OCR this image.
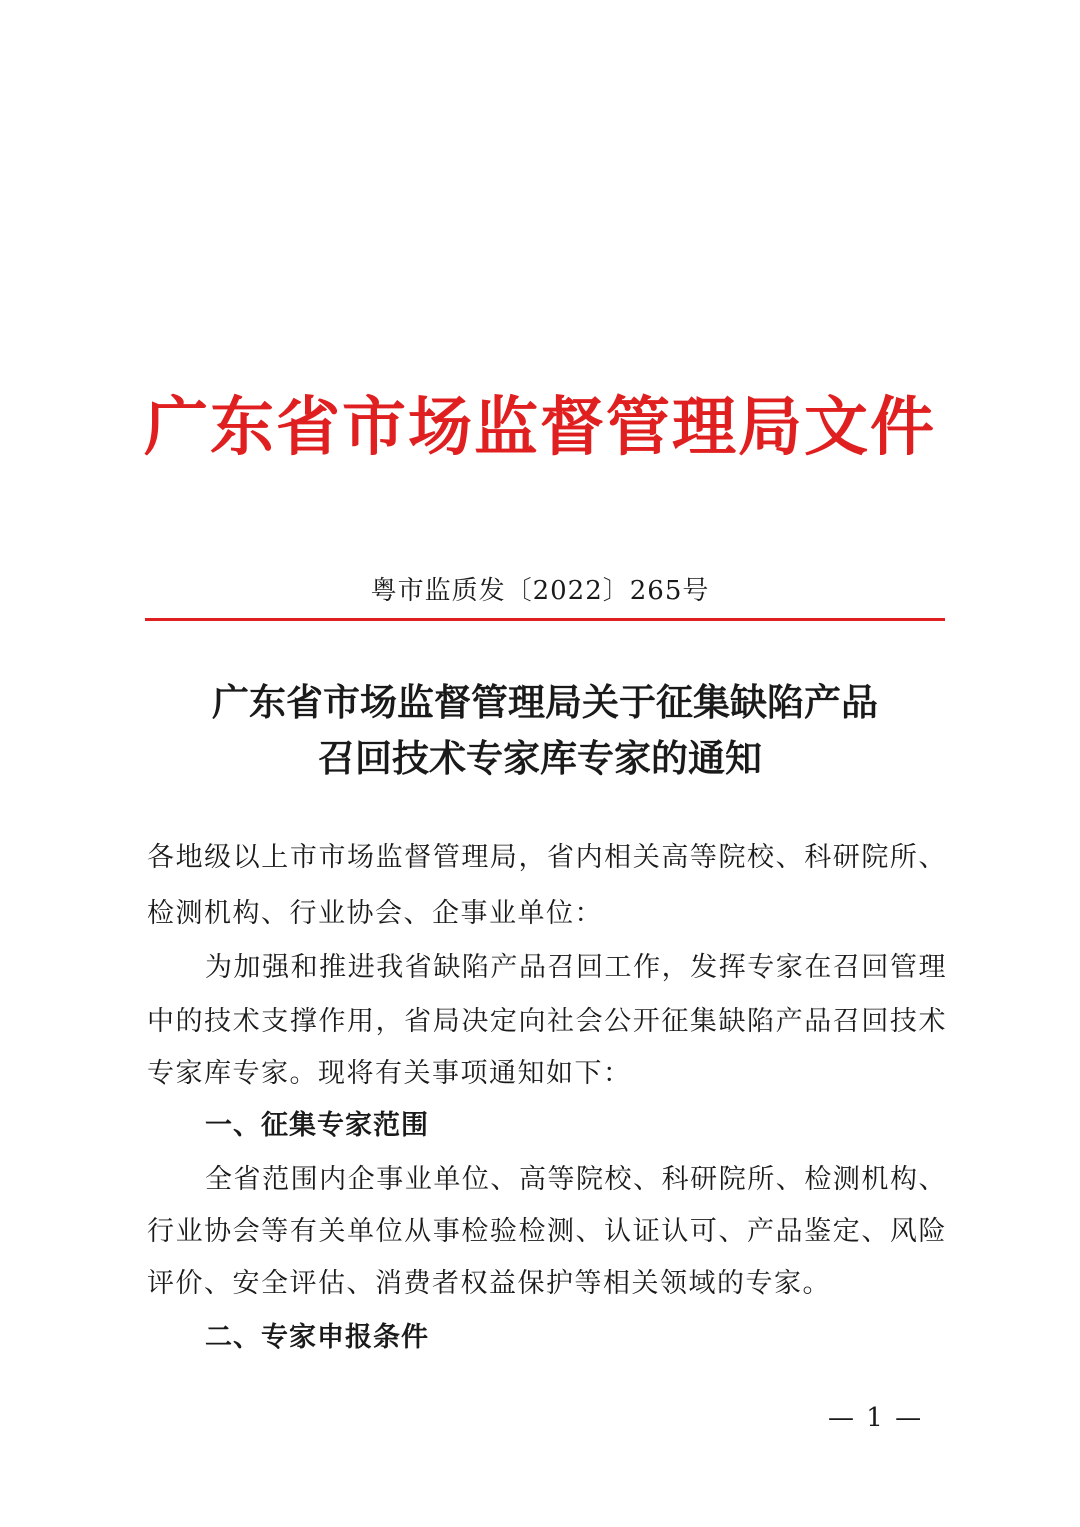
广东省市场监督管理局文件
粤市监质发〔2022〕265号
广东省市场监督管理局关于征集缺陷产品
召回技术专家库专家的通知
各地级以上市市场监督管理局，省内相关高等院校、科研院所、
检测机构、行业协会、企事业单位：
为加强和推进我省缺陷产品召回工作，发挥专家在召回管理
中的技术支撑作用，省局决定向社会公开征集缺陷产品召回技术
专家库专家。现将有关事项通知如下：
一、征集专家范围
全省范围内企事业单位、高等院校、科研院所、检测机构、
行业协会等有关单位从事检验检测、认证认可、产品鉴定、风险
评价、安全评估、消费者权益保护等相关领域的专家。
二、专家申报条件
— 1 —
